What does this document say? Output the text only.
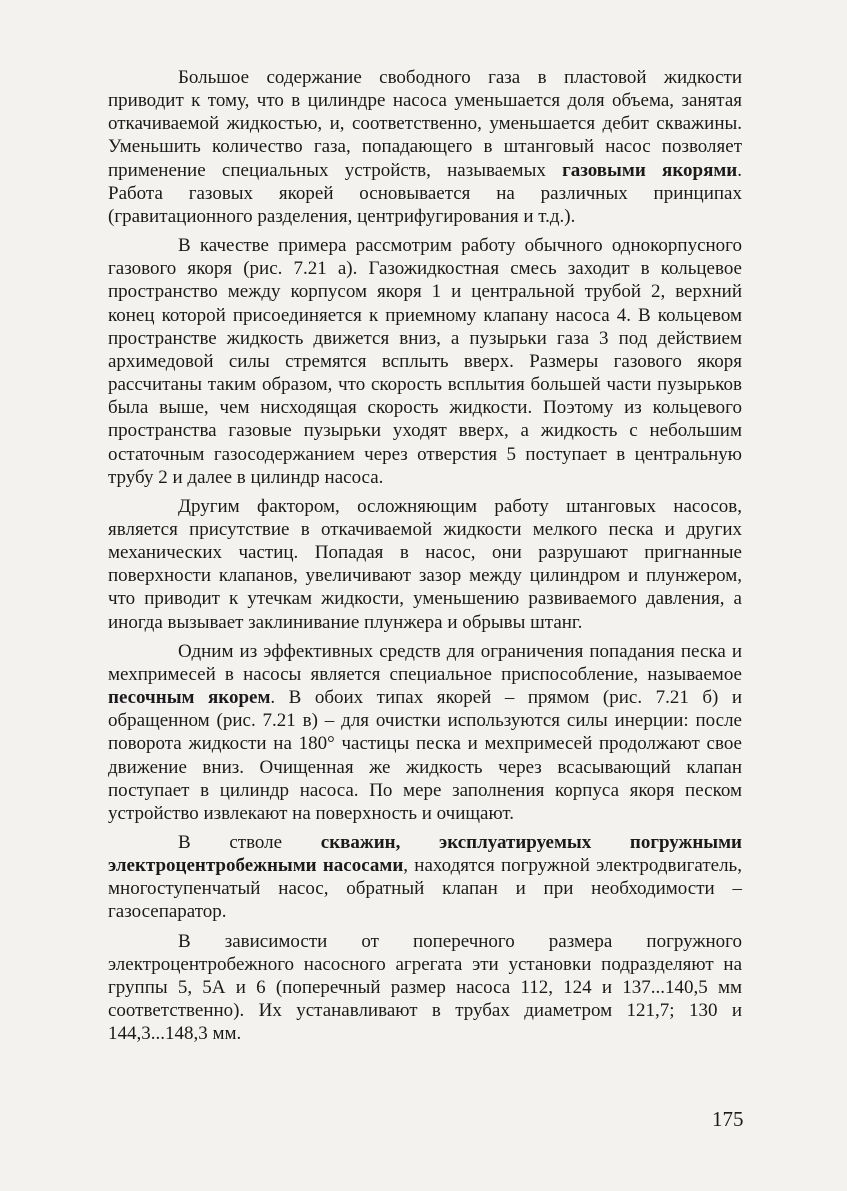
Большое содержание свободного газа в пластовой жидкости приводит к тому, что в цилиндре насоса уменьшается доля объема, занятая откачиваемой жидкостью, и, соответственно, уменьшается дебит скважины. Уменьшить количество газа, попадающего в штанговый насос позволяет применение специальных устройств, называемых газовыми якорями. Работа газовых якорей основывается на различных принципах (гравитационного разделения, центрифугирования и т.д.).

В качестве примера рассмотрим работу обычного однокорпусного газового якоря (рис. 7.21 а). Газожидкостная смесь заходит в кольцевое пространство между корпусом якоря 1 и центральной трубой 2, верхний конец которой присоединяется к приемному клапану насоса 4. В кольцевом пространстве жидкость движется вниз, а пузырьки газа 3 под действием архимедовой силы стремятся всплыть вверх. Размеры газового якоря рассчитаны таким образом, что скорость всплытия большей части пузырьков была выше, чем нисходящая скорость жидкости. Поэтому из кольцевого пространства газовые пузырьки уходят вверх, а жидкость с небольшим остаточным газосодержанием через отверстия 5 поступает в центральную трубу 2 и далее в цилиндр насоса.

Другим фактором, осложняющим работу штанговых насосов, является присутствие в откачиваемой жидкости мелкого песка и других механических частиц. Попадая в насос, они разрушают пригнанные поверхности клапанов, увеличивают зазор между цилиндром и плунжером, что приводит к утечкам жидкости, уменьшению развиваемого давления, а иногда вызывает заклинивание плунжера и обрывы штанг.

Одним из эффективных средств для ограничения попадания песка и мехпримесей в насосы является специальное приспособление, называемое песочным якорем. В обоих типах якорей – прямом (рис. 7.21 б) и обращенном (рис. 7.21 в) – для очистки используются силы инерции: после поворота жидкости на 180° частицы песка и мехпримесей продолжают свое движение вниз. Очищенная же жидкость через всасывающий клапан поступает в цилиндр насоса. По мере заполнения корпуса якоря песком устройство извлекают на поверхность и очищают.

В стволе скважин, эксплуатируемых погружными электроцентробежными насосами, находятся погружной электродвигатель, многоступенчатый насос, обратный клапан и при необходимости – газосепаратор.

В зависимости от поперечного размера погружного электроцентробежного насосного агрегата эти установки подразделяют на группы 5, 5А и 6 (поперечный размер насоса 112, 124 и 137...140,5 мм соответственно). Их устанавливают в трубах диаметром 121,7; 130 и 144,3...148,3 мм.

175
